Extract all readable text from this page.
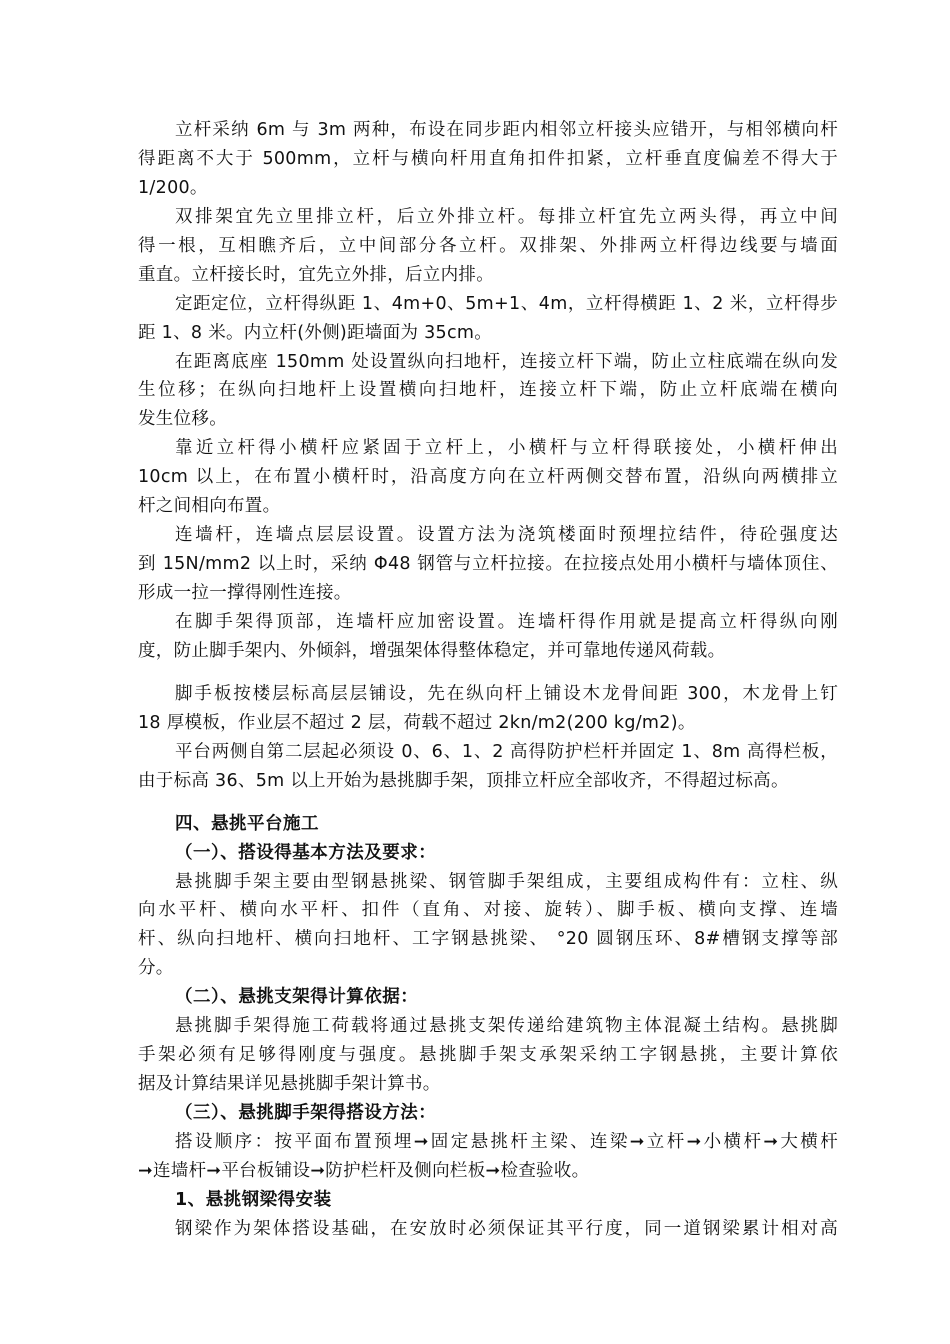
立杆采纳 6m 与 3m 两种，布设在同步距内相邻立杆接头应错开，与相邻横向杆
得距离不大于 500mm，立杆与横向杆用直角扣件扣紧，立杆垂直度偏差不得大于
1/200。
双排架宜先立里排立杆，后立外排立杆。每排立杆宜先立两头得，再立中间
得一根，互相瞧齐后，立中间部分各立杆。双排架、外排两立杆得边线要与墙面
重直。立杆接长时，宜先立外排，后立内排。
定距定位，立杆得纵距 1、4m+0、5m+1、4m，立杆得横距 1、2 米，立杆得步
距 1、8 米。内立杆(外侧)距墙面为 35cm。
在距离底座 150mm 处设置纵向扫地杆，连接立杆下端，防止立柱底端在纵向发
生位移；在纵向扫地杆上设置横向扫地杆，连接立杆下端，防止立杆底端在横向
发生位移。
靠近立杆得小横杆应紧固于立杆上，小横杆与立杆得联接处，小横杆伸出
10cm 以上，在布置小横杆时，沿高度方向在立杆两侧交替布置，沿纵向两横排立
杆之间相向布置。
连墙杆，连墙点层层设置。设置方法为浇筑楼面时预埋拉结件，待砼强度达
到 15N/mm2 以上时，采纳 Φ48 钢管与立杆拉接。在拉接点处用小横杆与墙体顶住、
形成一拉一撑得刚性连接。
在脚手架得顶部，连墙杆应加密设置。连墙杆得作用就是提高立杆得纵向刚
度，防止脚手架内、外倾斜，增强架体得整体稳定，并可靠地传递风荷载。
脚手板按楼层标高层层铺设，先在纵向杆上铺设木龙骨间距 300，木龙骨上钉
18 厚模板，作业层不超过 2 层，荷载不超过 2kn/m2(200 kg/m2)。
平台两侧自第二层起必须设 0、6、1、2 高得防护栏杆并固定 1、8m 高得栏板，
由于标高 36、5m 以上开始为悬挑脚手架，顶排立杆应全部收齐，不得超过标高。
四、悬挑平台施工
（一）、搭设得基本方法及要求：
悬挑脚手架主要由型钢悬挑梁、钢管脚手架组成，主要组成构件有：立柱、纵
向水平杆、横向水平杆、扣件（直角、对接、旋转）、脚手板、横向支撑、连墙
杆、纵向扫地杆、横向扫地杆、工字钢悬挑梁、 °20 圆钢压环、8#槽钢支撑等部
分。
（二）、悬挑支架得计算依据：
悬挑脚手架得施工荷载将通过悬挑支架传递给建筑物主体混凝土结构。悬挑脚
手架必须有足够得刚度与强度。悬挑脚手架支承架采纳工字钢悬挑，主要计算依
据及计算结果详见悬挑脚手架计算书。
（三）、悬挑脚手架得搭设方法：
搭设顺序：按平面布置预埋➞固定悬挑杆主梁、连梁➞立杆➞小横杆➞大横杆
➞连墙杆➞平台板铺设➞防护栏杆及侧向栏板➞检查验收。
1、悬挑钢梁得安装
钢梁作为架体搭设基础，在安放时必须保证其平行度，同一道钢梁累计相对高
